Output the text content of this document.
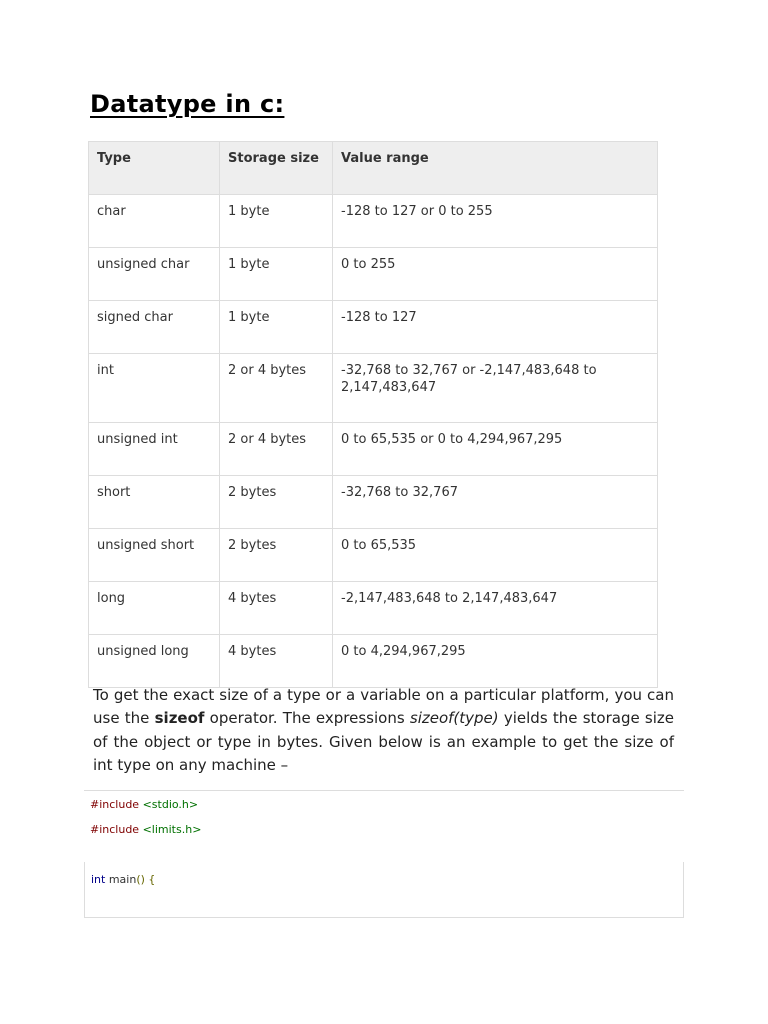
Datatype in c:
Type	Storage size	Value range
char	1 byte	-128 to 127 or 0 to 255
unsigned char	1 byte	0 to 255
signed char	1 byte	-128 to 127
int	2 or 4 bytes	-32,768 to 32,767 or -2,147,483,648 to 2,147,483,647
unsigned int	2 or 4 bytes	0 to 65,535 or 0 to 4,294,967,295
short	2 bytes	-32,768 to 32,767
unsigned short	2 bytes	0 to 65,535
long	4 bytes	-2,147,483,648 to 2,147,483,647
unsigned long	4 bytes	0 to 4,294,967,295

To get the exact size of a type or a variable on a particular platform, you can use the sizeof operator. The expressions sizeof(type) yields the storage size of the object or type in bytes. Given below is an example to get the size of int type on any machine –

#include <stdio.h>
#include <limits.h>
int main() {
